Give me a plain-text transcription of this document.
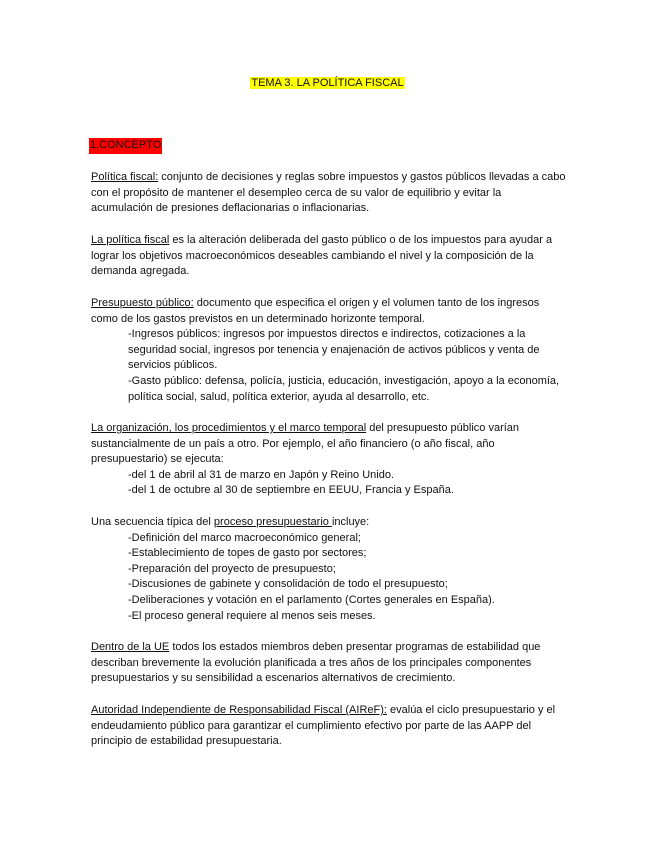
TEMA 3. LA POLÍTICA FISCAL
1.CONCEPTO

Política fiscal: conjunto de decisiones y reglas sobre impuestos y gastos públicos llevadas a cabo con el propósito de mantener el desempleo cerca de su valor de equilibrio y evitar la acumulación de presiones deflacionarias o inflacionarias.

La política fiscal es la alteración deliberada del gasto público o de los impuestos para ayudar a lograr los objetivos macroeconómicos deseables cambiando el nivel y la composición de la demanda agregada.

Presupuesto público: documento que especifica el origen y el volumen tanto de los ingresos como de los gastos previstos en un determinado horizonte temporal.

-Ingresos públicos: ingresos por impuestos directos e indirectos, cotizaciones a la seguridad social, ingresos por tenencia y enajenación de activos públicos y venta de servicios públicos.

-Gasto público: defensa, policía, justicia, educación, investigación, apoyo a la economía, política social, salud, política exterior, ayuda al desarrollo, etc.

La organización, los procedimientos y el marco temporal del presupuesto público varían sustancialmente de un país a otro. Por ejemplo, el año financiero (o año fiscal, año presupuestario) se ejecuta:

-del 1 de abril al 31 de marzo en Japón y Reino Unido.

-del 1 de octubre al 30 de septiembre en EEUU, Francia y España.

Una secuencia típica del proceso presupuestario incluye:

-Definición del marco macroeconómico general;

-Establecimiento de topes de gasto por sectores;

-Preparación del proyecto de presupuesto;

-Discusiones de gabinete y consolidación de todo el presupuesto;

-Deliberaciones y votación en el parlamento (Cortes generales en España).

-El proceso general requiere al menos seis meses.

Dentro de la UE todos los estados miembros deben presentar programas de estabilidad que describan brevemente la evolución planificada a tres años de los principales componentes presupuestarios y su sensibilidad a escenarios alternativos de crecimiento.

Autoridad Independiente de Responsabilidad Fiscal (AIReF): evalúa el ciclo presupuestario y el endeudamiento público para garantizar el cumplimiento efectivo por parte de las AAPP del principio de estabilidad presupuestaria.
